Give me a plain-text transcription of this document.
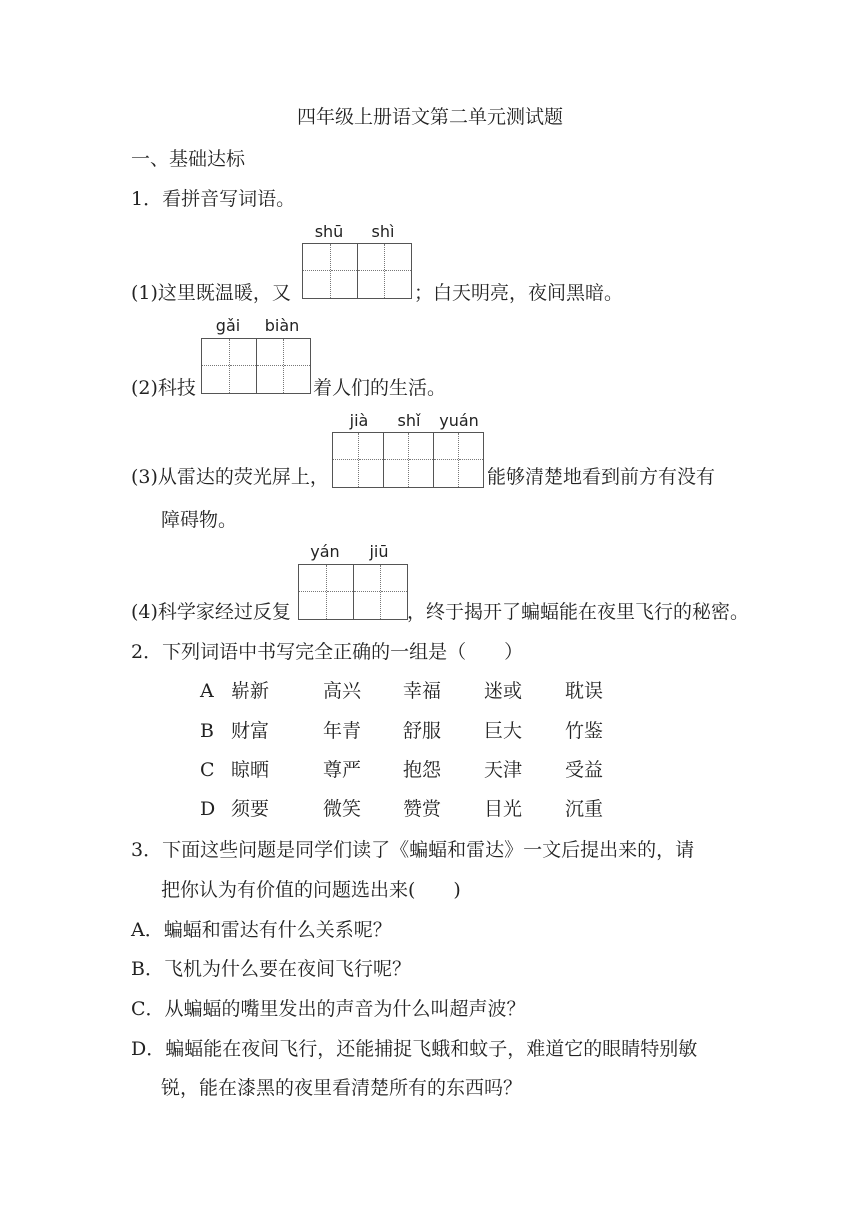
四年级上册语文第二单元测试题
一、基础达标
1．看拼音写词语。
shū	shì
(1)这里既温暖，又	；白天明亮，夜间黑暗。
gǎi	biàn
(2)科技	着人们的生活。
jià	shǐ	yuán
(3)从雷达的荧光屏上，	能够清楚地看到前方有没有
障碍物。
yán	jiū
(4)科学家经过反复	，终于揭开了蝙蝠能在夜里飞行的秘密。
2．下列词语中书写完全正确的一组是（　　）
A 崭新	高兴 幸福 迷或 耽误
B 财富	年青 舒服 巨大 竹鉴
C 晾晒	尊严 抱怨 天津 受益
D 须要	微笑 赞赏 目光 沉重
3．下面这些问题是同学们读了《蝙蝠和雷达》一文后提出来的，请
把你认为有价值的问题选出来(　　)
A．蝙蝠和雷达有什么关系呢？
B．飞机为什么要在夜间飞行呢？
C．从蝙蝠的嘴里发出的声音为什么叫超声波？
D．蝙蝠能在夜间飞行，还能捕捉飞蛾和蚊子，难道它的眼睛特别敏
锐，能在漆黑的夜里看清楚所有的东西吗？
